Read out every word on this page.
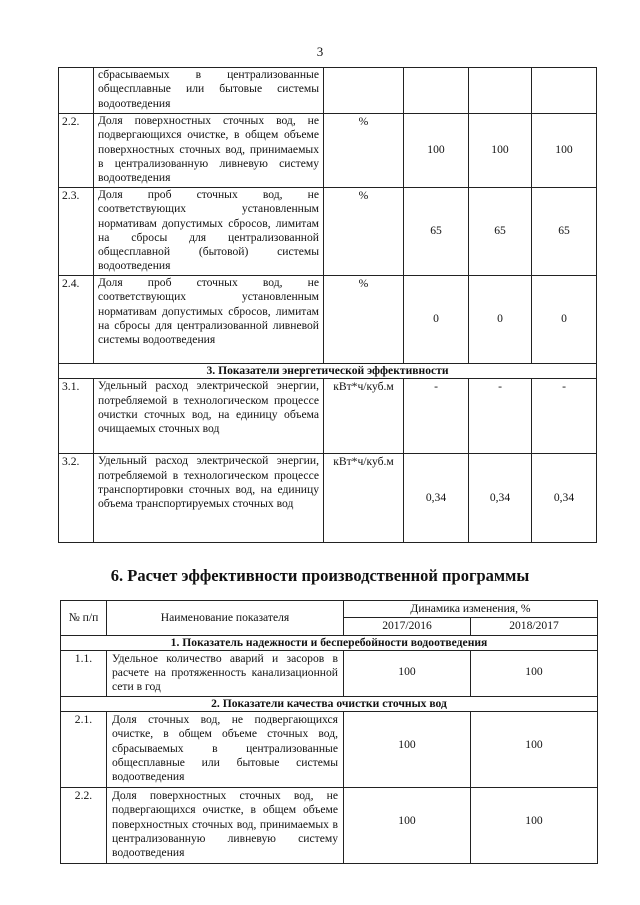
3
	сбрасываемых в централизованные общесплавные или бытовые системы водоотведения				
2.2.	Доля поверхностных сточных вод, не подвергающихся очистке, в общем объеме поверхностных сточных вод, принимаемых в централизованную ливневую систему водоотведения	%	100	100	100
2.3.	Доля проб сточных вод, не соответствующих установленным нормативам допустимых сбросов, лимитам на сбросы для централизованной общесплавной (бытовой) системы водоотведения	%	65	65	65
2.4.	Доля проб сточных вод, не соответствующих установленным нормативам допустимых сбросов, лимитам на сбросы для централизованной ливневой системы водоотведения	%	0	0	0
3. Показатели энергетической эффективности					
3.1.	Удельный расход электрической энергии, потребляемой в технологическом процессе очистки сточных вод, на единицу объема очищаемых сточных вод	кВт*ч/куб.м	-	-	-
3.2.	Удельный расход электрической энергии, потребляемой в технологическом процессе транспортировки сточных вод, на единицу объема транспортируемых сточных вод	кВт*ч/куб.м	0,34	0,34	0,34
6. Расчет эффективности производственной программы
№ п/п	Наименование показателя	Динамика изменения, %	
		2017/2016	2018/2017
1. Показатель надежности и бесперебойности водоотведения			
1.1.	Удельное количество аварий и засоров в расчете на протяженность канализационной сети в год	100	100
2. Показатели качества очистки сточных вод			
2.1.	Доля сточных вод, не подвергающихся очистке, в общем объеме сточных вод, сбрасываемых в централизованные общесплавные или бытовые системы водоотведения	100	100
2.2.	Доля поверхностных сточных вод, не подвергающихся очистке, в общем объеме поверхностных сточных вод, принимаемых в централизованную ливневую систему водоотведения	100	100
